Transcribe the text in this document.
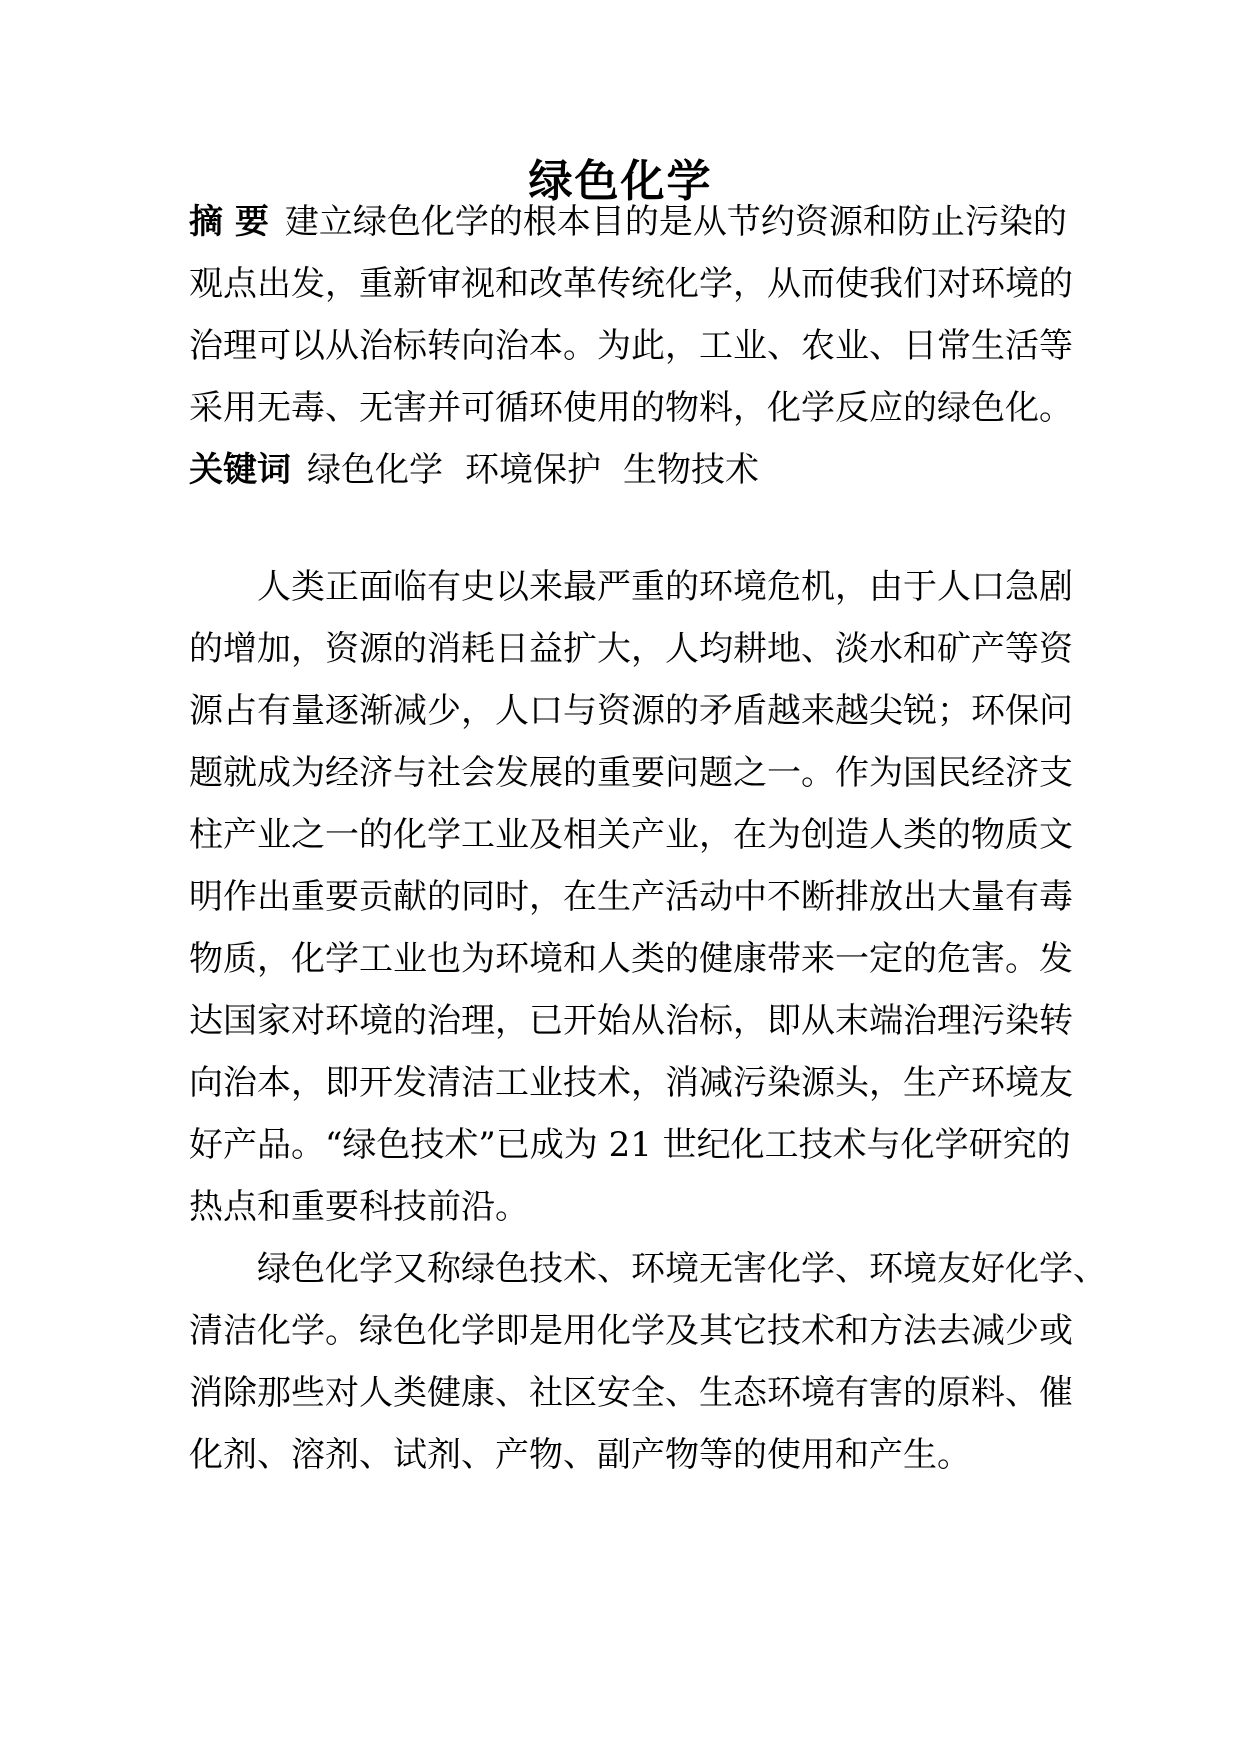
绿色化学
摘 要 建立绿色化学的根本目的是从节约资源和防止污染的
观点出发，重新审视和改革传统化学，从而使我们对环境的
治理可以从治标转向治本。为此，工业、农业、日常生活等
采用无毒、无害并可循环使用的物料，化学反应的绿色化。
关键词 绿色化学 环境保护 生物技术
人类正面临有史以来最严重的环境危机，由于人口急剧
的增加，资源的消耗日益扩大，人均耕地、淡水和矿产等资
源占有量逐渐减少，人口与资源的矛盾越来越尖锐；环保问
题就成为经济与社会发展的重要问题之一。作为国民经济支
柱产业之一的化学工业及相关产业，在为创造人类的物质文
明作出重要贡献的同时，在生产活动中不断排放出大量有毒
物质，化学工业也为环境和人类的健康带来一定的危害。发
达国家对环境的治理，已开始从治标，即从末端治理污染转
向治本，即开发清洁工业技术，消减污染源头，生产环境友
好产品。“绿色技术”已成为 21 世纪化工技术与化学研究的
热点和重要科技前沿。
绿色化学又称绿色技术、环境无害化学、环境友好化学、
清洁化学。绿色化学即是用化学及其它技术和方法去减少或
消除那些对人类健康、社区安全、生态环境有害的原料、催
化剂、溶剂、试剂、产物、副产物等的使用和产生。
